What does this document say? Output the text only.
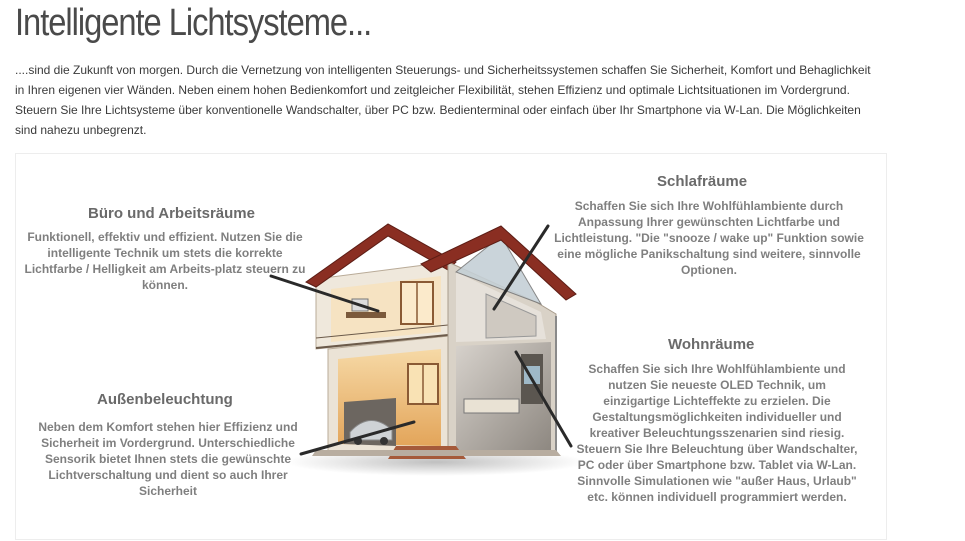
Intelligente Lichtsysteme...

....sind die Zukunft von morgen. Durch die Vernetzung von intelligenten Steuerungs- und Sicherheitssystemen schaffen Sie Sicherheit, Komfort und Behaglichkeit in Ihren eigenen vier Wänden. Neben einem hohen Bedienkomfort und zeitgleicher Flexibilität, stehen Effizienz und optimale Lichtsituationen im Vordergrund. Steuern Sie Ihre Lichtsysteme über konventionelle Wandschalter, über PC bzw. Bedienterminal oder einfach über Ihr Smartphone via W-Lan. Die Möglichkeiten sind nahezu unbegrenzt.

Büro und Arbeitsräume

Funktionell, effektiv und effizient. Nutzen Sie die intelligente Technik um stets die korrekte Lichtfarbe / Helligkeit am Arbeits-platz steuern zu können.

Schlafräume

Schaffen Sie sich Ihre Wohlfühlambiente durch Anpassung Ihrer gewünschten Lichtfarbe und Lichtleistung. "Die "snooze / wake up" Funktion sowie eine mögliche Panikschaltung sind weitere, sinnvolle Optionen.

Wohnräume

Schaffen Sie sich Ihre Wohlfühlambiente und nutzen Sie neueste OLED Technik, um einzigartige Lichteffekte zu erzielen. Die Gestaltungsmöglichkeiten individueller und kreativer Beleuchtungsszenarien sind riesig. Steuern Sie Ihre Beleuchtung über Wandschalter, PC oder über Smartphone bzw. Tablet via W-Lan. Sinnvolle Simulationen wie "außer Haus, Urlaub" etc. können individuell programmiert werden.

Außenbeleuchtung

Neben dem Komfort stehen hier Effizienz und Sicherheit im Vordergrund. Unterschiedliche Sensorik bietet Ihnen stets die gewünschte Lichtverschaltung und dient so auch Ihrer Sicherheit
